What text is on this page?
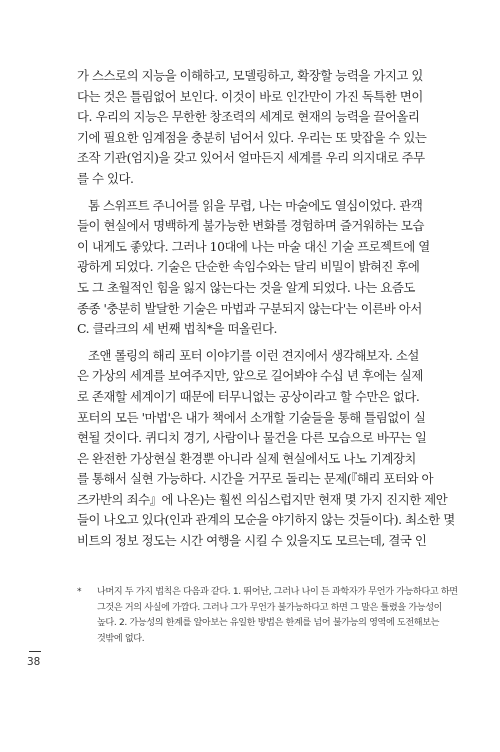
가 스스로의 지능을 이해하고, 모델링하고, 확장할 능력을 가지고 있
다는 것은 틀림없어 보인다. 이것이 바로 인간만이 가진 독특한 면이
다. 우리의 지능은 무한한 창조력의 세계로 현재의 능력을 끌어올리
기에 필요한 임계점을 충분히 넘어서 있다. 우리는 또 맞잡을 수 있는
조작 기관(엄지)을 갖고 있어서 얼마든지 세계를 우리 의지대로 주무
를 수 있다.
톰 스위프트 주니어를 읽을 무렵, 나는 마술에도 열심이었다. 관객
들이 현실에서 명백하게 불가능한 변화를 경험하며 즐거워하는 모습
이 내게도 좋았다. 그러나 10대에 나는 마술 대신 기술 프로젝트에 열
광하게 되었다. 기술은 단순한 속임수와는 달리 비밀이 밝혀진 후에
도 그 초월적인 힘을 잃지 않는다는 것을 알게 되었다. 나는 요즘도
종종 '충분히 발달한 기술은 마법과 구분되지 않는다'는 이른바 아서
C. 클라크의 세 번째 법칙*을 떠올린다.
조앤 롤링의 해리 포터 이야기를 이런 견지에서 생각해보자. 소설
은 가상의 세계를 보여주지만, 앞으로 길어봐야 수십 년 후에는 실제
로 존재할 세계이기 때문에 터무니없는 공상이라고 할 수만은 없다.
포터의 모든 '마법'은 내가 책에서 소개할 기술들을 통해 틀림없이 실
현될 것이다. 퀴디치 경기, 사람이나 물건을 다른 모습으로 바꾸는 일
은 완전한 가상현실 환경뿐 아니라 실제 현실에서도 나노 기계장치
를 통해서 실현 가능하다. 시간을 거꾸로 돌리는 문제(『해리 포터와 아
즈카반의 죄수』에 나온)는 훨씬 의심스럽지만 현재 몇 가지 진지한 제안
들이 나오고 있다(인과 관계의 모순을 야기하지 않는 것들이다). 최소한 몇
비트의 정보 정도는 시간 여행을 시킬 수 있을지도 모르는데, 결국 인
*	나머지 두 가지 법칙은 다음과 같다. 1. 뛰어난, 그러나 나이 든 과학자가 무언가 가능하다고 하면
그것은 거의 사실에 가깝다. 그러나 그가 무언가 불가능하다고 하면 그 말은 틀렸을 가능성이
높다. 2. 가능성의 한계를 알아보는 유일한 방법은 한계를 넘어 불가능의 영역에 도전해보는
것밖에 없다.
38
